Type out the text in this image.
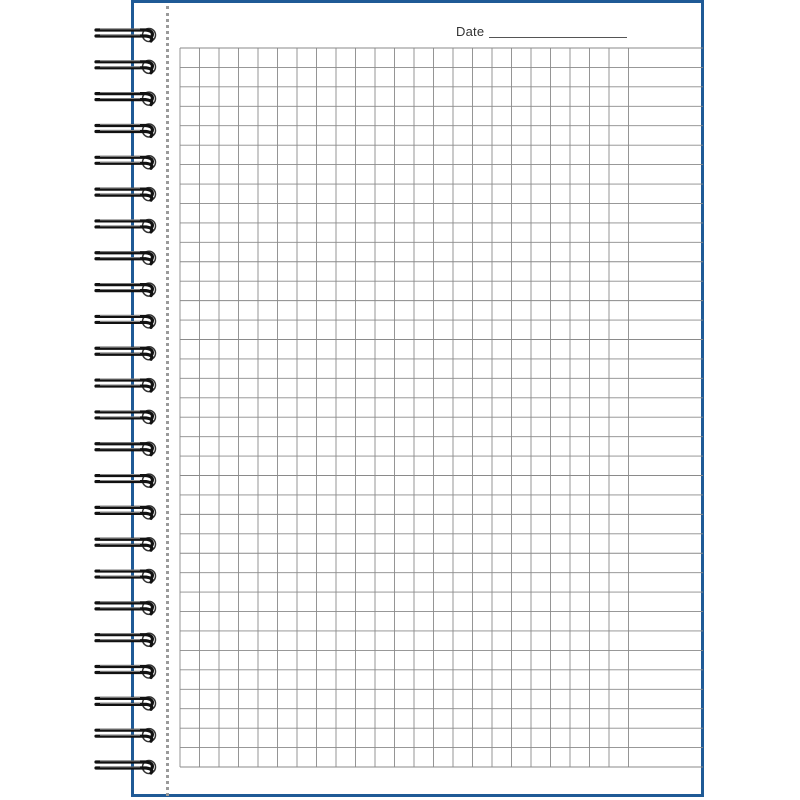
Date
